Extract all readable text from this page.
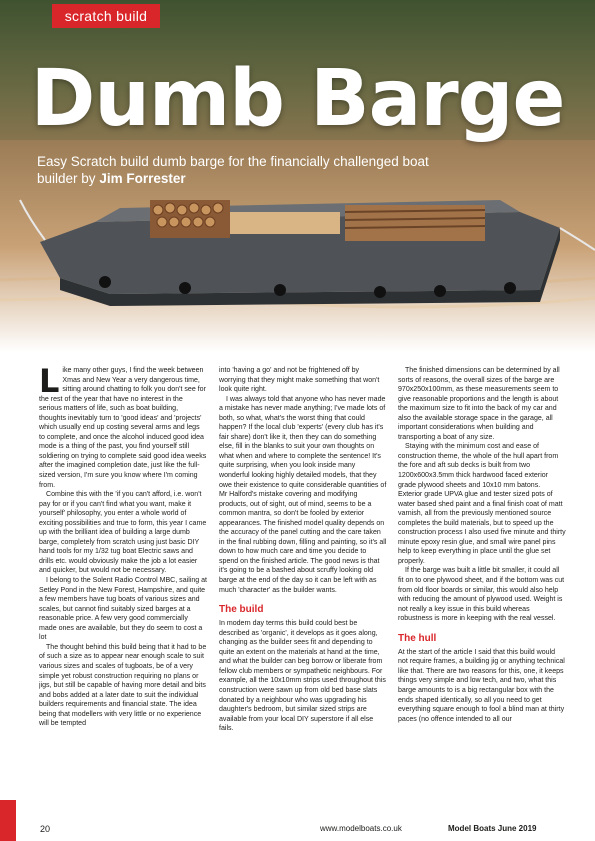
scratch build
Dumb Barge
Easy Scratch build dumb barge for the financially challenged boat builder by Jim Forrester

Like many other guys, I find the week between Xmas and New Year a very dangerous time, sitting around chatting to folk you don't see for the rest of the year that have no interest in the serious matters of life, such as boat building, thoughts inevitably turn to 'good ideas' and 'projects' which usually end up costing several arms and legs to complete, and once the alcohol induced good idea mode is a thing of the past, you find yourself still soldiering on trying to complete said good idea weeks after the imagined completion date, just like the full-sized version, I'm sure you know where I'm coming from.

Combine this with the 'if you can't afford, i.e. won't pay for or if you can't find what you want, make it yourself' philosophy, you enter a whole world of exciting possibilities and true to form, this year I came up with the brilliant idea of building a large dumb barge, completely from scratch using just basic DIY hand tools for my 1/32 tug boat Electric saws and drills etc. would obviously make the job a lot easier and quicker, but would not be necessary.

I belong to the Solent Radio Control MBC, sailing at Setley Pond in the New Forest, Hampshire, and quite a few members have tug boats of various sizes and scales, but cannot find suitably sized barges at a reasonable price. A few very good commercially made ones are available, but they do seem to cost a lot

The thought behind this build being that it had to be of such a size as to appear near enough scale to suit various sizes and scales of tugboats, be of a very simple yet robust construction requiring no plans or jigs, but still be capable of having more detail and bits and bobs added at a later date to suit the individual builders requirements and financial state. The idea being that modellers with very little or no experience will be tempted

into 'having a go' and not be frightened off by worrying that they might make something that won't look quite right.

I was always told that anyone who has never made a mistake has never made anything; I've made lots of both, so what, what's the worst thing that could happen? If the local club 'experts' (every club has it's fair share) don't like it, then they can do something else, fill in the blanks to suit your own thoughts on what when and where to complete the sentence! It's quite surprising, when you look inside many wonderful looking highly detailed models, that they owe their existence to quite considerable quantities of Mr Halford's mistake covering and modifying products, out of sight, out of mind, seems to be a common mantra, so don't be fooled by exterior appearances. The finished model quality depends on the accuracy of the panel cutting and the care taken in the final rubbing down, filling and painting, so it's all down to how much care and time you decide to spend on the finished article. The good news is that it's going to be a bashed about scruffy looking old barge at the end of the day so it can be left with as much 'character' as the builder wants.

The build

In modern day terms this build could best be described as 'organic', it develops as it goes along, changing as the builder sees fit and depending to quite an extent on the materials at hand at the time, and what the builder can beg borrow or liberate from fellow club members or sympathetic neighbours. For example, all the 10x10mm strips used throughout this construction were sawn up from old bed base slats donated by a neighbour who was upgrading his daughter's bedroom, but similar sized strips are available from your local DIY superstore if all else fails.

The finished dimensions can be determined by all sorts of reasons, the overall sizes of the barge are 970x250x100mm, as these measurements seem to give reasonable proportions and the length is about the maximum size to fit into the back of my car and also the available storage space in the garage, all important considerations when building and transporting a boat of any size.

Staying with the minimum cost and ease of construction theme, the whole of the hull apart from the fore and aft sub decks is built from two 1200x600x3.5mm thick hardwood faced exterior grade plywood sheets and 10x10 mm batons. Exterior grade UPVA glue and tester sized pots of water based shed paint and a final finish coat of matt varnish, all from the previously mentioned source completes the build materials, but to speed up the construction process I also used five minute and thirty minute epoxy resin glue, and small wire panel pins help to keep everything in place until the glue set properly.

If the barge was built a little bit smaller, it could all fit on to one plywood sheet, and if the bottom was cut from old floor boards or similar, this would also help with reducing the amount of plywood used. Weight is not really a key issue in this build whereas robustness is more in keeping with the real vessel.

The hull

At the start of the article I said that this build would not require frames, a building jig or anything technical like that. There are two reasons for this, one, it keeps things very simple and low tech, and two, what this barge amounts to is a big rectangular box with the ends shaped identically, so all you need to get everything square enough to fool a blind man at thirty paces (no offence intended to all our

20	www.modelboats.co.uk	Model Boats June 2019
